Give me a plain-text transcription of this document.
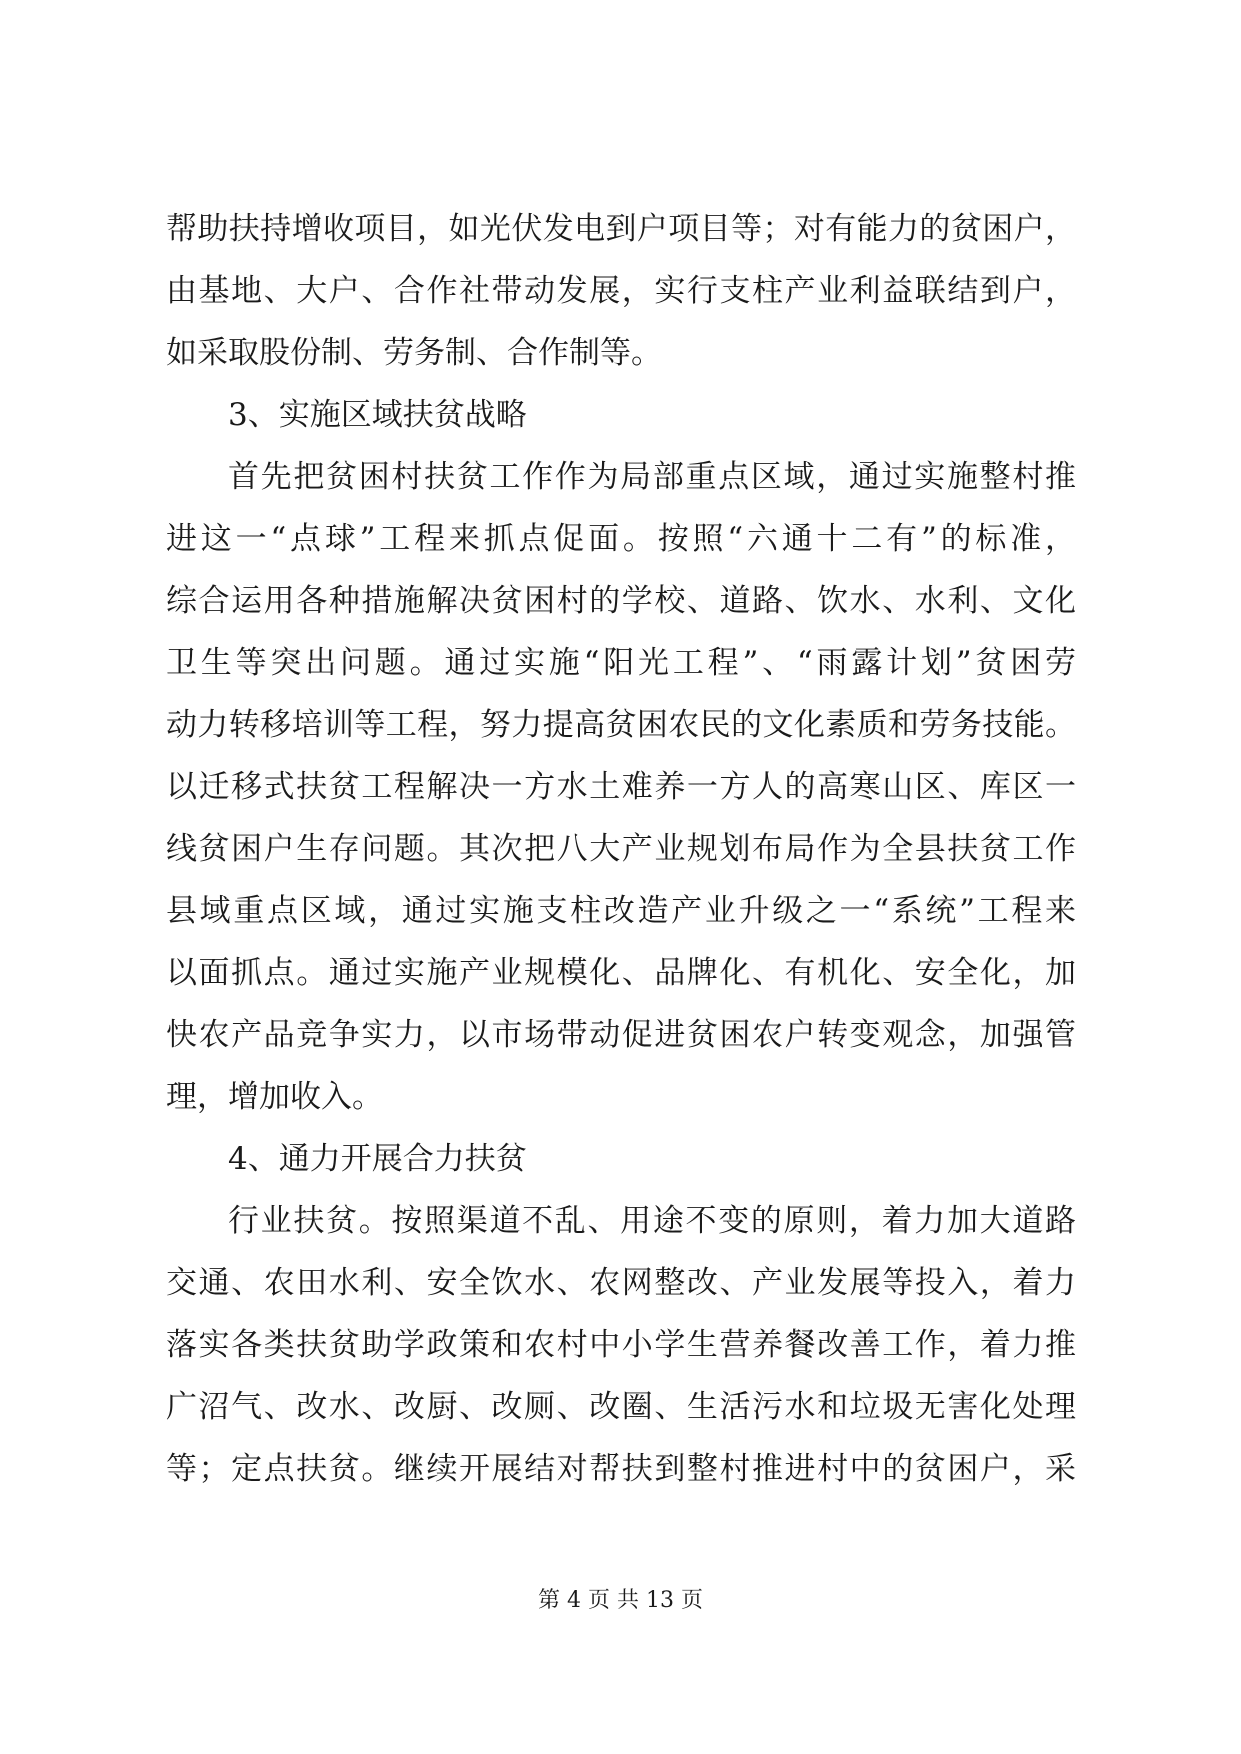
帮助扶持增收项目，如光伏发电到户项目等；对有能力的贫困户，
由基地、大户、合作社带动发展，实行支柱产业利益联结到户，
如采取股份制、劳务制、合作制等。
3、实施区域扶贫战略
首先把贫困村扶贫工作作为局部重点区域，通过实施整村推
进这一“点球”工程来抓点促面。按照“六通十二有”的标准，
综合运用各种措施解决贫困村的学校、道路、饮水、水利、文化
卫生等突出问题。通过实施“阳光工程”、“雨露计划”贫困劳
动力转移培训等工程，努力提高贫困农民的文化素质和劳务技能。
以迁移式扶贫工程解决一方水土难养一方人的高寒山区、库区一
线贫困户生存问题。其次把八大产业规划布局作为全县扶贫工作
县域重点区域，通过实施支柱改造产业升级之一“系统”工程来
以面抓点。通过实施产业规模化、品牌化、有机化、安全化，加
快农产品竞争实力，以市场带动促进贫困农户转变观念，加强管
理，增加收入。
4、通力开展合力扶贫
行业扶贫。按照渠道不乱、用途不变的原则，着力加大道路
交通、农田水利、安全饮水、农网整改、产业发展等投入，着力
落实各类扶贫助学政策和农村中小学生营养餐改善工作，着力推
广沼气、改水、改厨、改厕、改圈、生活污水和垃圾无害化处理
等；定点扶贫。继续开展结对帮扶到整村推进村中的贫困户，采
第 4 页 共 13 页
